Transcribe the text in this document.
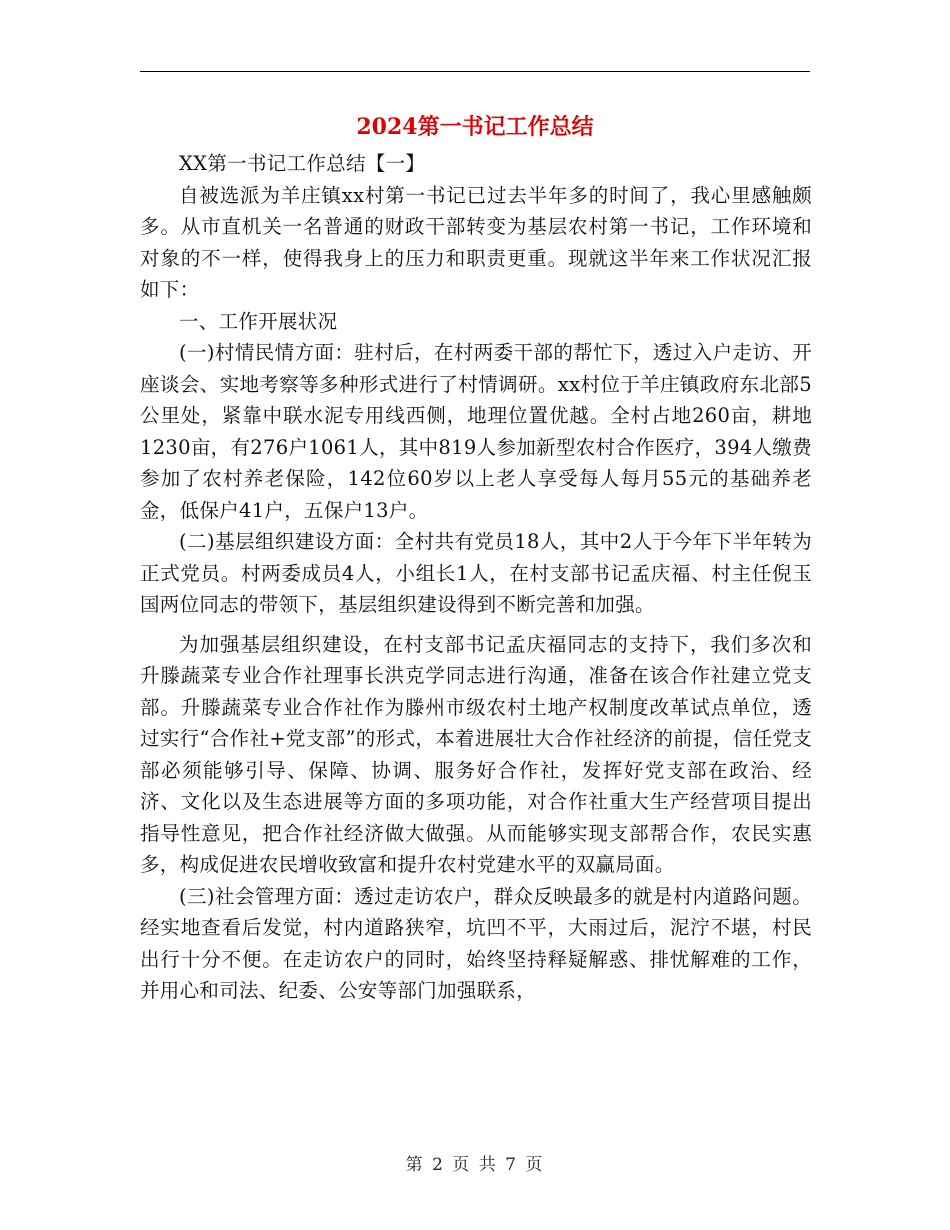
2024第一书记工作总结

XX第一书记工作总结【一】

自被选派为羊庄镇xx村第一书记已过去半年多的时间了，我心里感触颇多。从市直机关一名普通的财政干部转变为基层农村第一书记，工作环境和对象的不一样，使得我身上的压力和职责更重。现就这半年来工作状况汇报如下：

一、工作开展状况

(一)村情民情方面：驻村后，在村两委干部的帮忙下，透过入户走访、开座谈会、实地考察等多种形式进行了村情调研。xx村位于羊庄镇政府东北部5公里处，紧靠中联水泥专用线西侧，地理位置优越。全村占地260亩，耕地1230亩，有276户1061人，其中819人参加新型农村合作医疗，394人缴费参加了农村养老保险，142位60岁以上老人享受每人每月55元的基础养老金，低保户41户，五保户13户。

(二)基层组织建设方面：全村共有党员18人，其中2人于今年下半年转为正式党员。村两委成员4人，小组长1人，在村支部书记孟庆福、村主任倪玉国两位同志的带领下，基层组织建设得到不断完善和加强。

为加强基层组织建设，在村支部书记孟庆福同志的支持下，我们多次和升滕蔬菜专业合作社理事长洪克学同志进行沟通，准备在该合作社建立党支部。升滕蔬菜专业合作社作为滕州市级农村土地产权制度改革试点单位，透过实行“合作社+党支部”的形式，本着进展壮大合作社经济的前提，信任党支部必须能够引导、保障、协调、服务好合作社，发挥好党支部在政治、经济、文化以及生态进展等方面的多项功能，对合作社重大生产经营项目提出指导性意见，把合作社经济做大做强。从而能够实现支部帮合作，农民实惠多，构成促进农民增收致富和提升农村党建水平的双赢局面。

(三)社会管理方面：透过走访农户，群众反映最多的就是村内道路问题。经实地查看后发觉，村内道路狭窄，坑凹不平，大雨过后，泥泞不堪，村民出行十分不便。在走访农户的同时，始终坚持释疑解惑、排忧解难的工作，并用心和司法、纪委、公安等部门加强联系，

第 2 页 共 7 页
